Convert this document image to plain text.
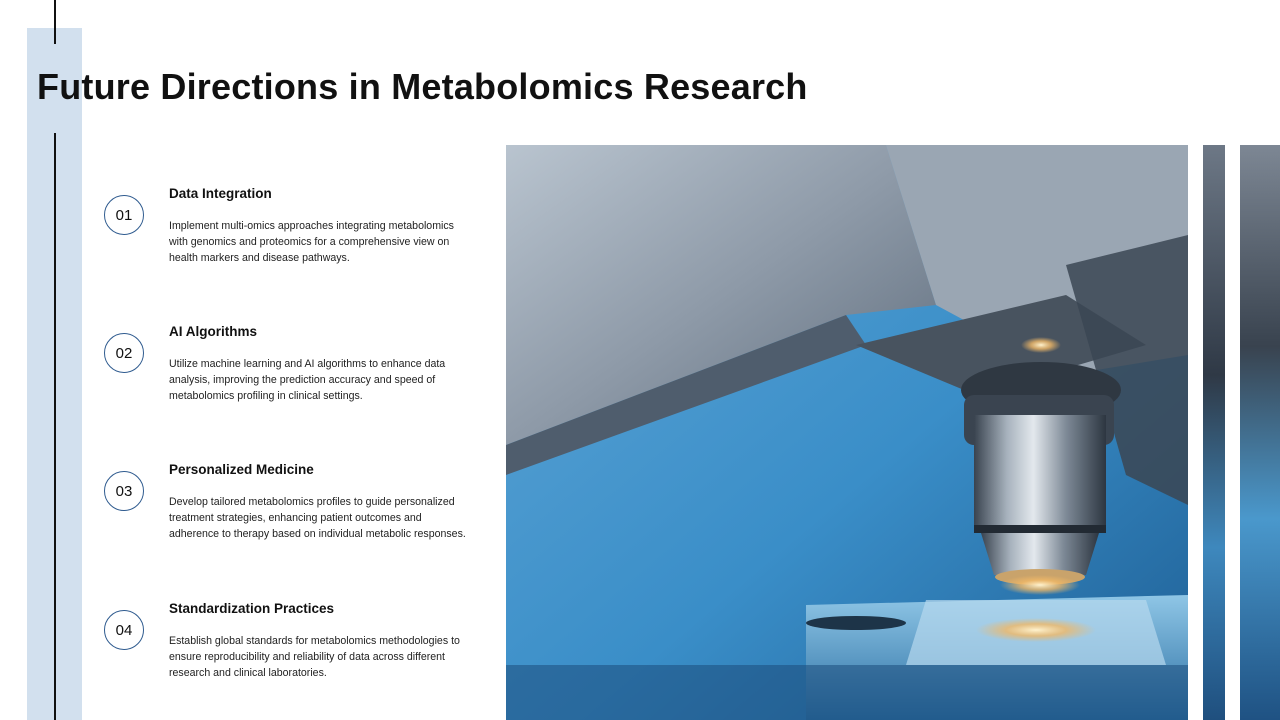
Future Directions in Metabolomics Research
01
Data Integration
Implement multi-omics approaches integrating metabolomics with genomics and proteomics for a comprehensive view on health markers and disease pathways.
02
AI Algorithms
Utilize machine learning and AI algorithms to enhance data analysis, improving the prediction accuracy and speed of metabolomics profiling in clinical settings.
03
Personalized Medicine
Develop tailored metabolomics profiles to guide personalized treatment strategies, enhancing patient outcomes and adherence to therapy based on individual metabolic responses.
04
Standardization Practices
Establish global standards for metabolomics methodologies to ensure reproducibility and reliability of data across different research and clinical laboratories.
